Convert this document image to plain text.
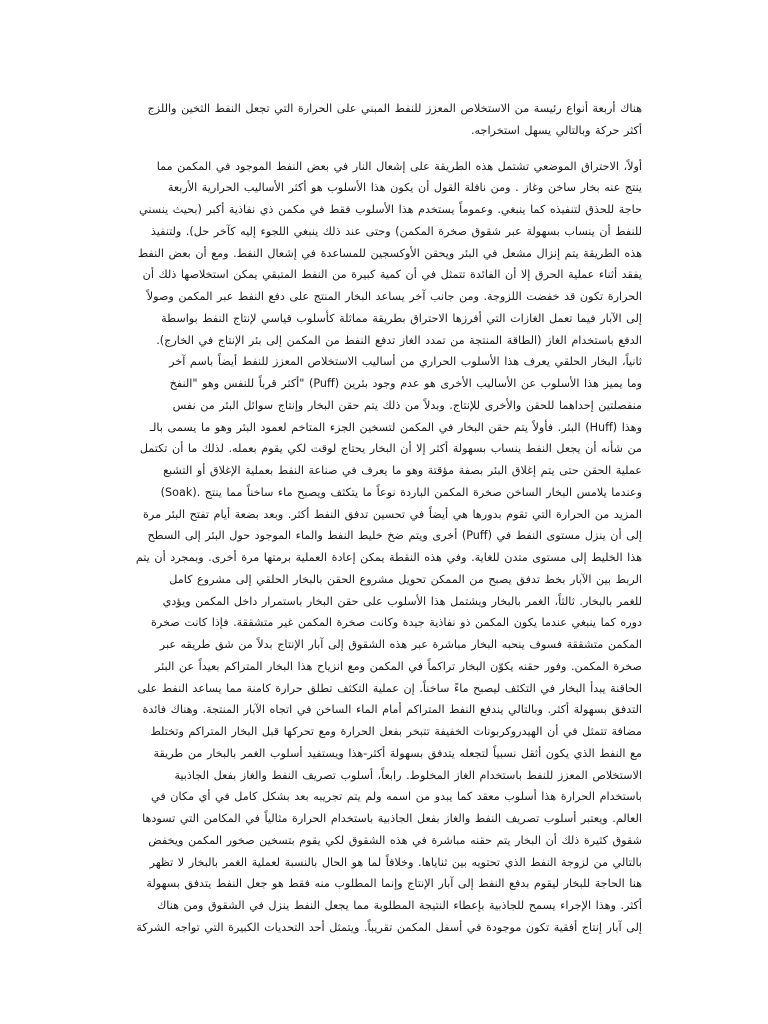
هناك أربعة أنواع رئيسة من الاستخلاص المعزز للنفط المبني على الحرارة التي تجعل النفط الثخين واللزج
أكثر حركة وبالتالي يسهل استخراجه.

أولاً، الاحتراق الموضعي تشتمل هذه الطريقة على إشعال النار في بعض النفط الموجود في المكمن مما
ينتج عنه بخار ساخن وغاز . ومن نافلة القول أن يكون هذا الأسلوب هو أكثر الأساليب الحرارية الأربعة
حاجة للحذق لتنفيذه كما ينبغي. وعموماً يستخدم هذا الأسلوب فقط في مكمن ذي نفاذية أكبر (بحيث ينسني
للنفط أن ينساب بسهولة عبر شقوق صخرة المكمن) وحتى عند ذلك ينبغي اللجوء إليه كآخر حل). ولتنفيذ
هذه الطريقة يتم إنزال مشعل في البئر ويحقن الأوكسجين للمساعدة في إشعال النفط. ومع أن بعض النفط
يفقد أثناء عملية الحرق إلا أن الفائدة تتمثل في أن كمية كبيرة من النفط المتبقي يمكن استخلاصها ذلك أن
الحرارة تكون قد خفضت اللزوجة. ومن جانب آخر يساعد البخار المنتج على دفع النفط عبر المكمن وصولاً
إلى الآبار فيما تعمل الغازات التي أفرزها الاحتراق بطريقة مماثلة كأسلوب قياسي لإنتاج النفط بواسطة
الدفع باستخدام الغاز (الطاقة المنتجة من تمدد الغاز تدفع النفط من المكمن إلى بئر الإنتاج في الخارج).

ثانياً، البخار الحلقي يعرف هذا الأسلوب الحراري من أساليب الاستخلاص المعزز للنفط أيضاً باسم آخر
وما يميز هذا الأسلوب عن الأساليب الأخرى هو عدم وجود بئرين (Puff) "أكثر قرباً للنفس وهو "النفخ
منفصلتين إحداهما للحقن والأخرى للإنتاج. وبدلاً من ذلك يتم حقن البخار وإنتاج سوائل البئر من نفس
وهذا (Huff) البئر. فأولاً يتم حقن البخار في المكمن لتسخين الجزء المتاخم لعمود البئر وهو ما يسمى بالـ
من شأنه أن يجعل النفط ينساب بسهولة أكثر إلا أن البخار يحتاج لوقت لكي يقوم بعمله. لذلك ما أن تكتمل
عملية الحقن حتى يتم إغلاق البئر بصفة مؤقتة وهو ما يعرف في صناعة النفط بعملية الإغلاق أو التشبع
وعندما يلامس البخار الساخن صخرة المكمن الباردة نوعاً ما يتكثف ويصبح ماء ساخناً مما ينتج .(Soak)
المزيد من الحرارة التي تقوم بدورها هي أيضاً في تحسين تدفق النفط أكثر. وبعد بضعة أيام تفتح البئر مرة
إلى أن ينزل مستوى النفط في (Puff) أخرى ويتم ضخ خليط النفط والماء الموجود حول البئر إلى السطح
هذا الخليط إلى مستوى متدن للغاية. وفي هذه النقطة يمكن إعادة العملية برمتها مرة أخرى. وبمجرد أن يتم
الربط بين الآبار بخط تدفق يصبح من الممكن تحويل مشروع الحقن بالبخار الحلقي إلى مشروع كامل
للغمر بالبخار. ثالثاً، الغمر بالبخار ويشتمل هذا الأسلوب على حقن البخار باستمرار داخل المكمن ويؤدي
دوره كما ينبغي عندما يكون المكمن ذو نفاذية جيدة وكانت صخرة المكمن غير متشققة. فإذا كانت صخرة
المكمن متشققة فسوف ينحبه البخار مباشرة عبر هذه الشقوق إلى آبار الإنتاج بدلاً من شق طريقه عبر
صخرة المكمن. وفور حقنه يكوّن البخار تراكماً في المكمن ومع انزياح هذا البخار المتراكم بعيداً عن البئر
الحاقنة يبدأ البخار في التكثف ليصبح ماءً ساخناً. إن عملية التكثف تطلق حرارة كامنة مما يساعد النفط على
التدفق بسهولة أكثر. وبالتالي يندفع النفط المتراكم أمام الماء الساخن في اتجاه الآبار المنتجة. وهناك فائدة
مضافة تتمثل في أن الهيدروكربونات الخفيفة تتبخر بفعل الحرارة ومع تحركها قبل البخار المتراكم وتختلط
مع النفط الذي يكون أثقل نسبياً لتجعله يتدفق بسهولة أكثر-هذا ويستفيد أسلوب الغمر بالبخار من طريقة
الاستخلاص المعزز للنفط باستخدام الغاز المخلوط. رابعاً، أسلوب تصريف النفط والغاز بفعل الجاذبية
باستخدام الحرارة هذا أسلوب معقد كما يبدو من اسمه ولم يتم تجريبه بعد بشكل كامل في أي مكان في
العالم. ويعتبر أسلوب تصريف النفط والغاز بفعل الجاذبية باستخدام الحرارة مثالياً في المكامن التي تسودها
شقوق كثيرة ذلك أن البخار يتم حقنه مباشرة في هذه الشقوق لكي يقوم بتسخين صخور المكمن ويخفض
بالتالي من لزوجة النفط الذي تحتويه بين ثناياها. وخلافاً لما هو الحال بالنسبة لعملية الغمر بالبخار لا تظهر
هنا الحاجة للبخار ليقوم بدفع النفط إلى آبار الإنتاج وإنما المطلوب منه فقط هو جعل النفط يتدفق بسهولة
أكثر. وهذا الإجراء يسمح للجاذبية بإعطاء النتيجة المطلوبة مما يجعل النفط ينزل في الشقوق ومن هناك
إلى آبار إنتاج أفقية تكون موجودة في أسفل المكمن تقريباً. ويتمثل أحد التحديات الكبيرة التي تواجه الشركة
